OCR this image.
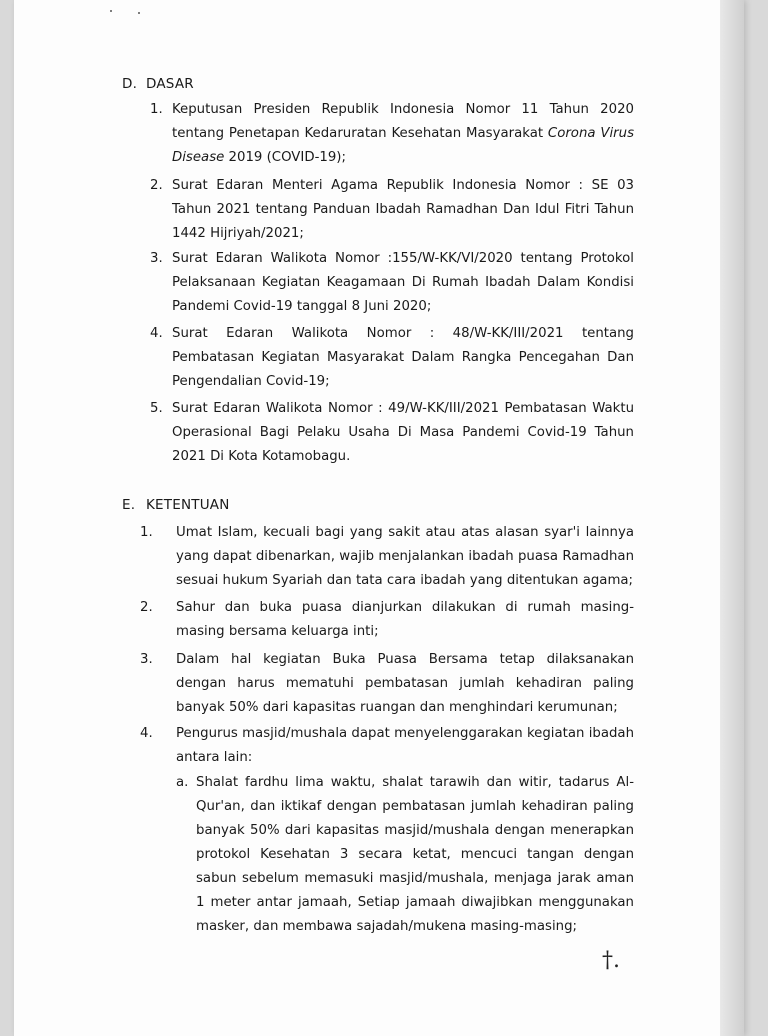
D. DASAR
1. Keputusan Presiden Republik Indonesia Nomor 11 Tahun 2020 tentang Penetapan Kedaruratan Kesehatan Masyarakat Corona Virus Disease 2019 (COVID-19);
2. Surat Edaran Menteri Agama Republik Indonesia Nomor : SE 03 Tahun 2021 tentang Panduan Ibadah Ramadhan Dan Idul Fitri Tahun 1442 Hijriyah/2021;
3. Surat Edaran Walikota Nomor :155/W-KK/VI/2020 tentang Protokol Pelaksanaan Kegiatan Keagamaan Di Rumah Ibadah Dalam Kondisi Pandemi Covid-19 tanggal 8 Juni 2020;
4. Surat Edaran Walikota Nomor : 48/W-KK/III/2021 tentang Pembatasan Kegiatan Masyarakat Dalam Rangka Pencegahan Dan Pengendalian Covid-19;
5. Surat Edaran Walikota Nomor : 49/W-KK/III/2021 Pembatasan Waktu Operasional Bagi Pelaku Usaha Di Masa Pandemi Covid-19 Tahun 2021 Di Kota Kotamobagu.
E. KETENTUAN
1. Umat Islam, kecuali bagi yang sakit atau atas alasan syar'i lainnya yang dapat dibenarkan, wajib menjalankan ibadah puasa Ramadhan sesuai hukum Syariah dan tata cara ibadah yang ditentukan agama;
2. Sahur dan buka puasa dianjurkan dilakukan di rumah masing-masing bersama keluarga inti;
3. Dalam hal kegiatan Buka Puasa Bersama tetap dilaksanakan dengan harus mematuhi pembatasan jumlah kehadiran paling banyak 50% dari kapasitas ruangan dan menghindari kerumunan;
4. Pengurus masjid/mushala dapat menyelenggarakan kegiatan ibadah antara lain:
a. Shalat fardhu lima waktu, shalat tarawih dan witir, tadarus Al-Qur'an, dan iktikaf dengan pembatasan jumlah kehadiran paling banyak 50% dari kapasitas masjid/mushala dengan menerapkan protokol Kesehatan 3 secara ketat, mencuci tangan dengan sabun sebelum memasuki masjid/mushala, menjaga jarak aman 1 meter antar jamaah, Setiap jamaah diwajibkan menggunakan masker, dan membawa sajadah/mukena masing-masing;
†.
